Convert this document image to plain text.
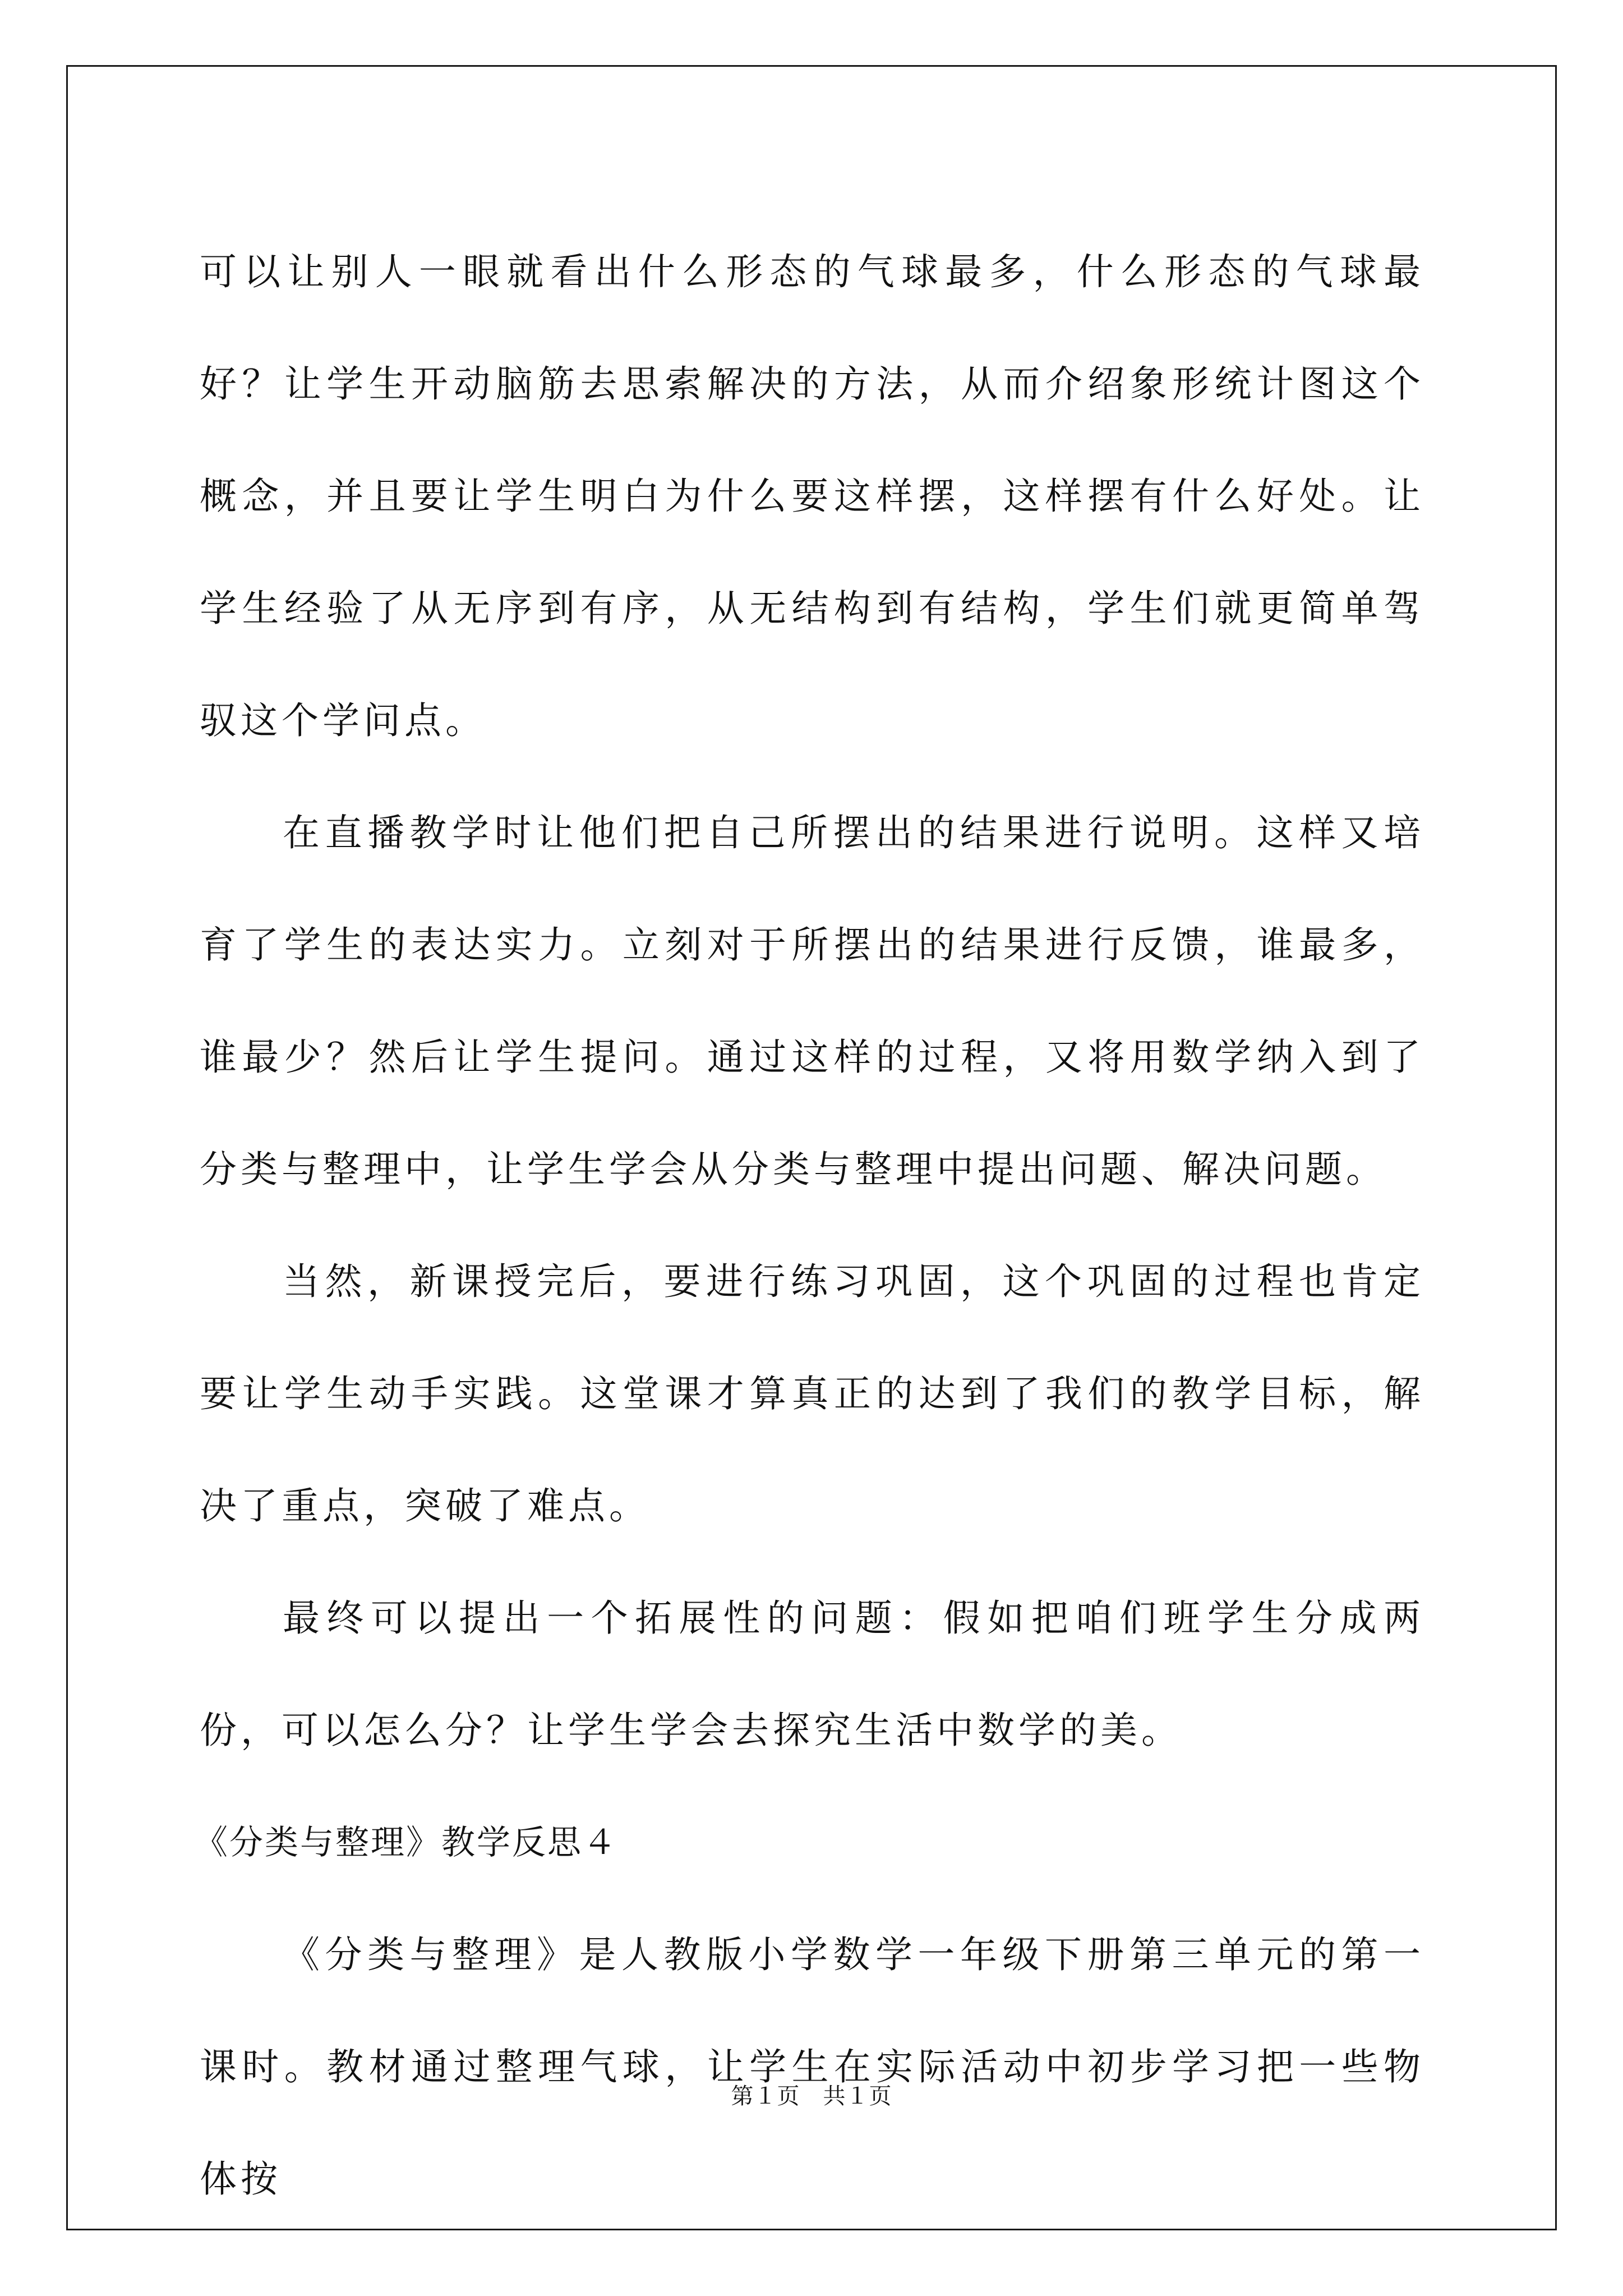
可以让别人一眼就看出什么形态的气球最多，什么形态的气球最好？让学生开动脑筋去思索解决的方法，从而介绍象形统计图这个概念，并且要让学生明白为什么要这样摆，这样摆有什么好处。让学生经验了从无序到有序，从无结构到有结构，学生们就更简单驾驭这个学问点。

在直播教学时让他们把自己所摆出的结果进行说明。这样又培育了学生的表达实力。立刻对于所摆出的结果进行反馈，谁最多，谁最少？然后让学生提问。通过这样的过程，又将用数学纳入到了分类与整理中，让学生学会从分类与整理中提出问题、解决问题。

当然，新课授完后，要进行练习巩固，这个巩固的过程也肯定要让学生动手实践。这堂课才算真正的达到了我们的教学目标，解决了重点，突破了难点。

最终可以提出一个拓展性的问题：假如把咱们班学生分成两份，可以怎么分？让学生学会去探究生活中数学的美。

《分类与整理》教学反思４

《分类与整理》是人教版小学数学一年级下册第三单元的第一课时。教材通过整理气球，让学生在实际活动中初步学习把一些物体按

第１页　共１页
